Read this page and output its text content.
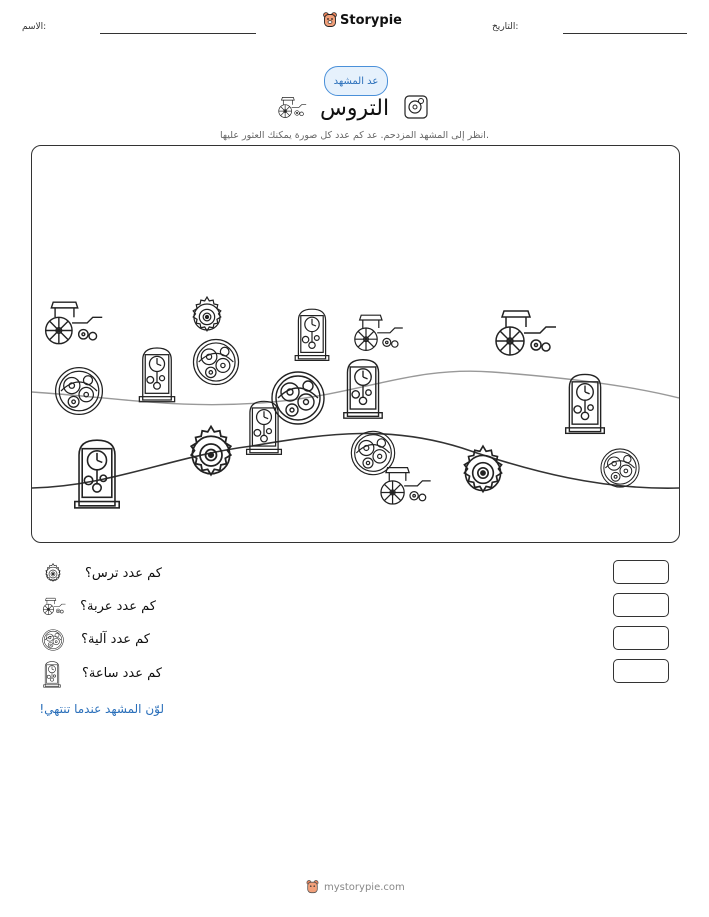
الاسم:	Storypie	التاريخ:
عد المشهد
التروس
انظر إلى المشهد المزدحم. عد كم عدد كل صورة يمكنك العثور عليها.
كم عدد ترس؟
كم عدد عربة؟
كم عدد آلية؟
كم عدد ساعة؟
لوّن المشهد عندما تنتهي!
mystorypie.com
